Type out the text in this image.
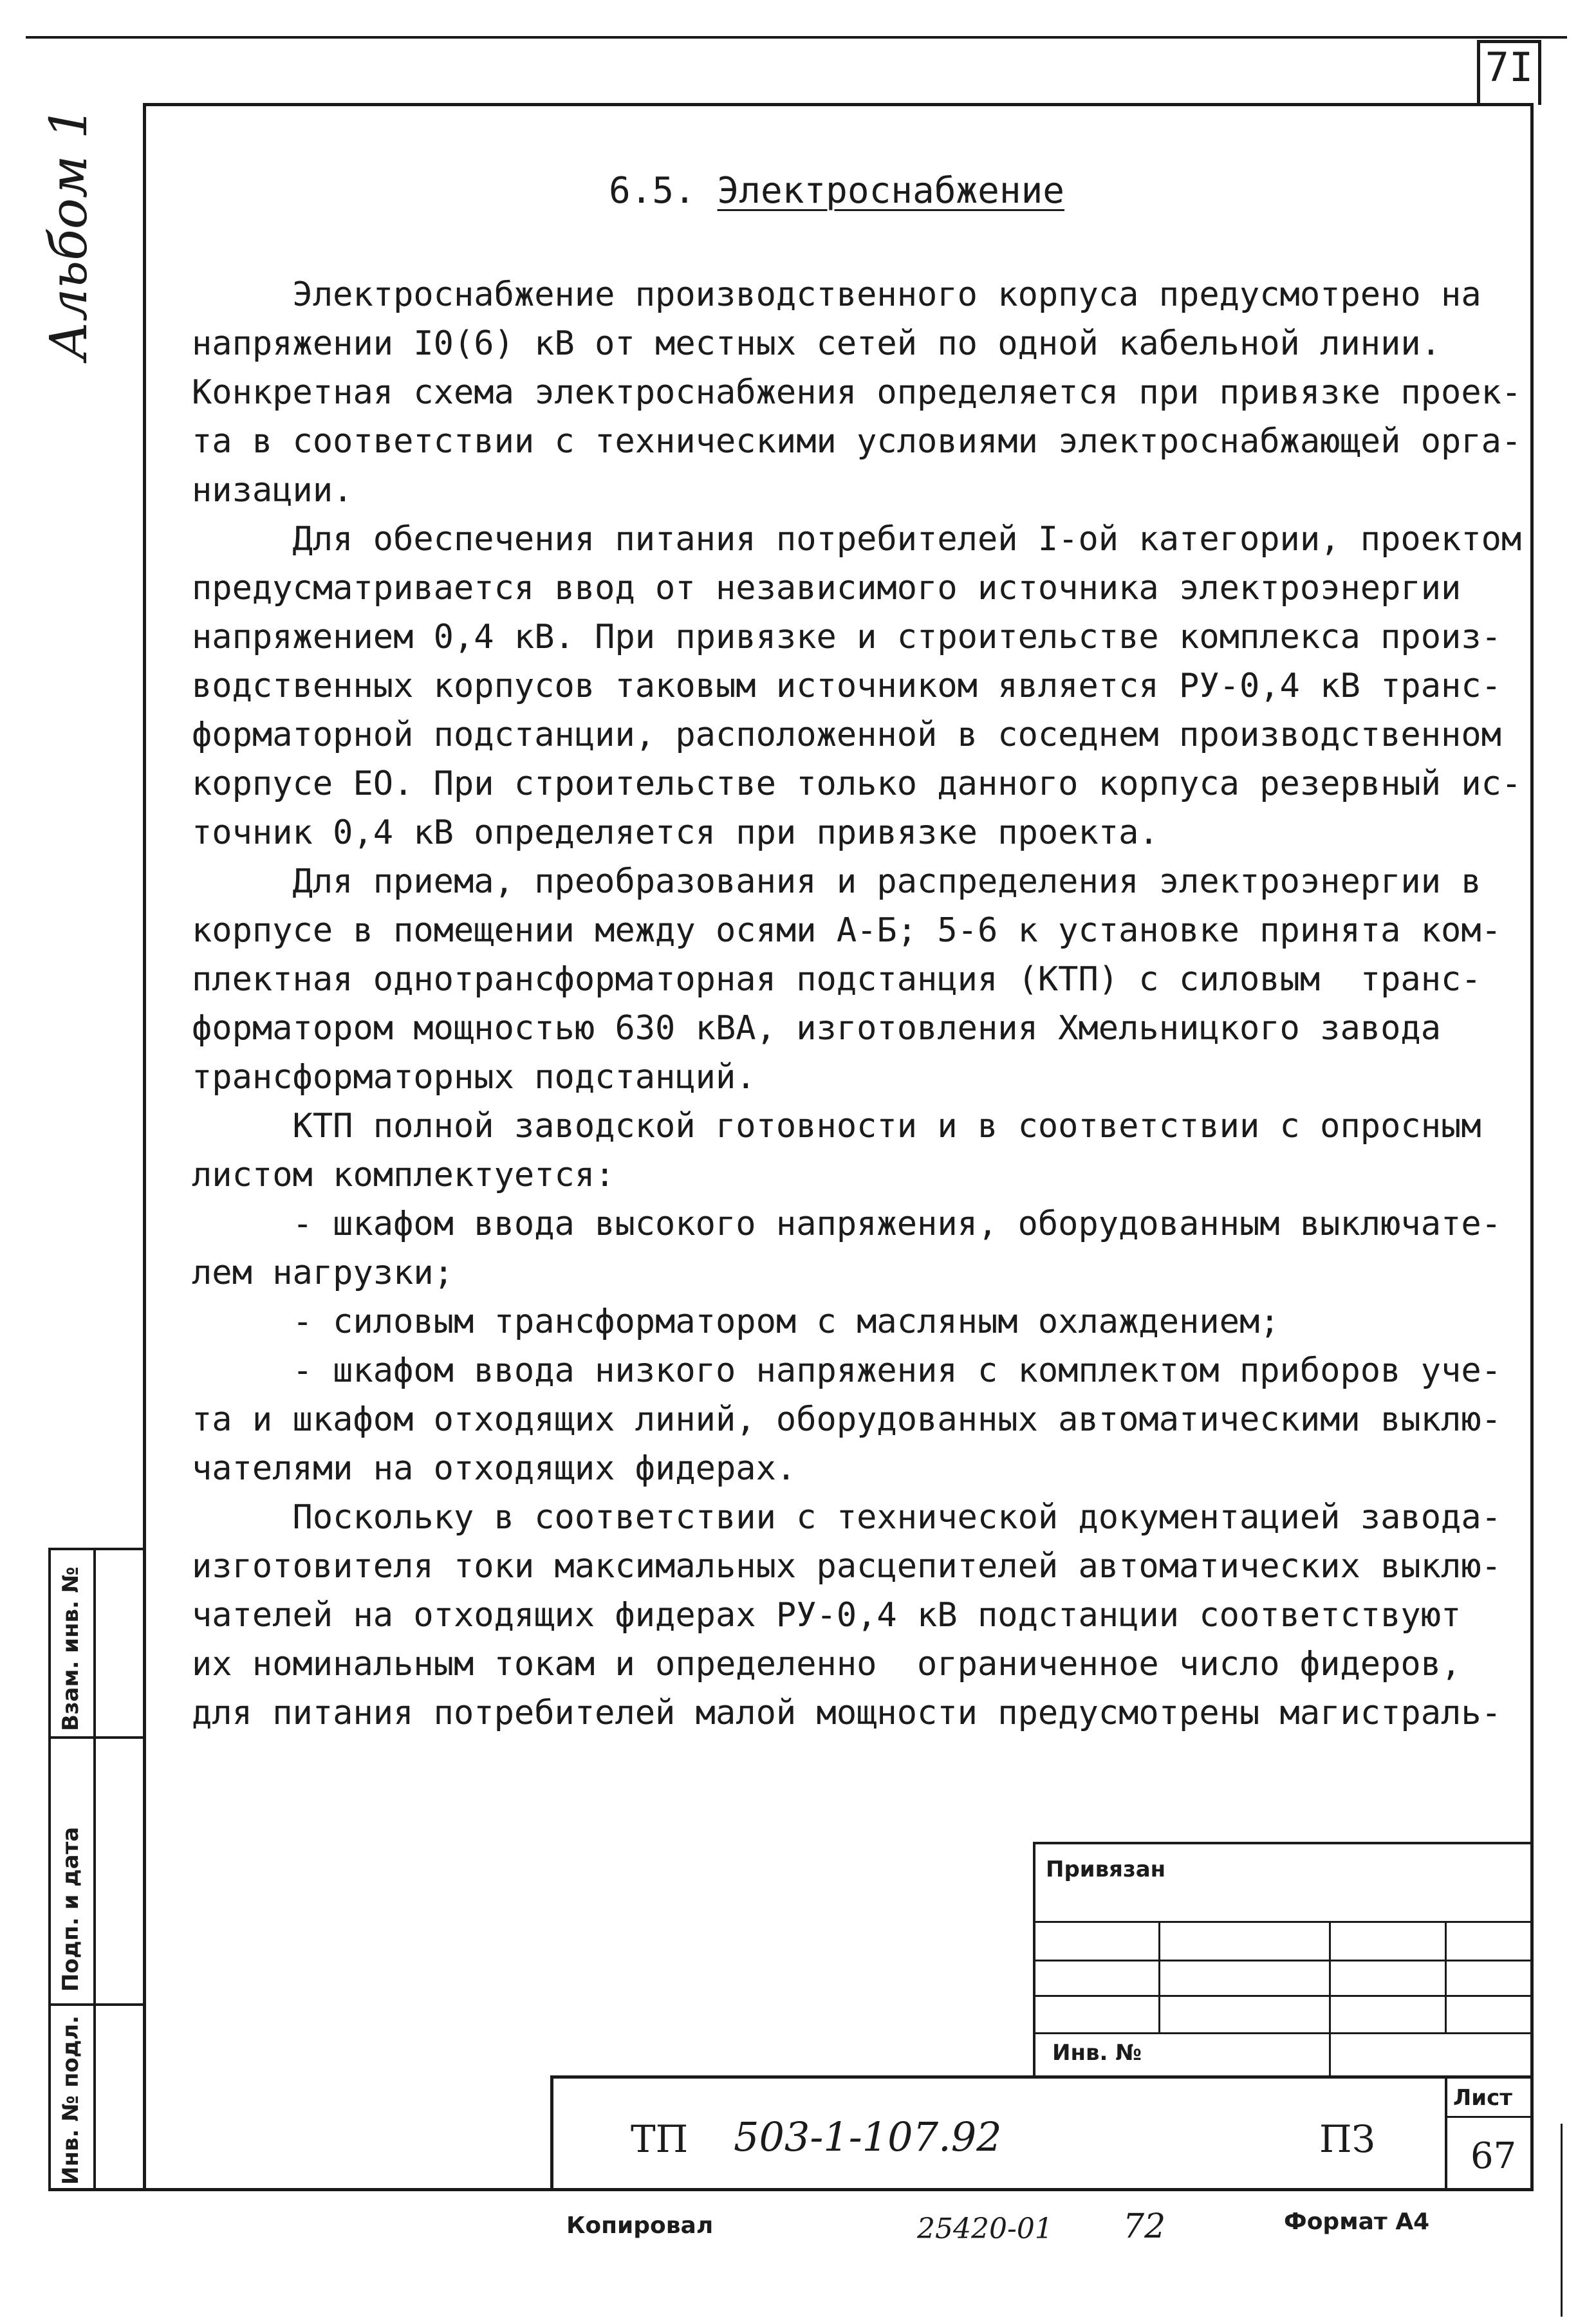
7I
Альбом 1	6.5. Электроснабжение
Электроснабжение производственного корпуса предусмотрено на
напряжении I0(6) кВ от местных сетей по одной кабельной линии.
Конкретная схема электроснабжения определяется при привязке проек-
та в соответствии с техническими условиями электроснабжающей орга-
низации.
Для обеспечения питания потребителей I-ой категории, проектом
предусматривается ввод от независимого источника электроэнергии
напряжением 0,4 кВ. При привязке и строительстве комплекса произ-
водственных корпусов таковым источником является РУ-0,4 кВ транс-
форматорной подстанции, расположенной в соседнем производственном
корпусе ЕО. При строительстве только данного корпуса резервный ис-
точник 0,4 кВ определяется при привязке проекта.
Для приема, преобразования и распределения электроэнергии в
корпусе в помещении между осями А-Б; 5-6 к установке принята ком-
плектная однотрансформаторная подстанция (КТП) с силовым  транс-
форматором мощностью 630 кВА, изготовления Хмельницкого завода
трансформаторных подстанций.
КТП полной заводской готовности и в соответствии с опросным
листом комплектуется:
- шкафом ввода высокого напряжения, оборудованным выключате-
лем нагрузки;
- силовым трансформатором с масляным охлаждением;
- шкафом ввода низкого напряжения с комплектом приборов уче-
та и шкафом отходящих линий, оборудованных автоматическими выклю-
чателями на отходящих фидерах.
Поскольку в соответствии с технической документацией завода-
изготовителя токи максимальных расцепителей автоматических выклю-
чателей на отходящих фидерах РУ-0,4 кВ подстанции соответствуют
их номинальным токам и определенно  ограниченное число фидеров,
для питания потребителей малой мощности предусмотрены магистраль-
Взам. инв. №
Подп. и дата
Инв. № подл.
Привязан
Инв. №
Лист
ТП 503-1-107.92	ПЗ	67
Копировал	25420-01 72	Формат А4
